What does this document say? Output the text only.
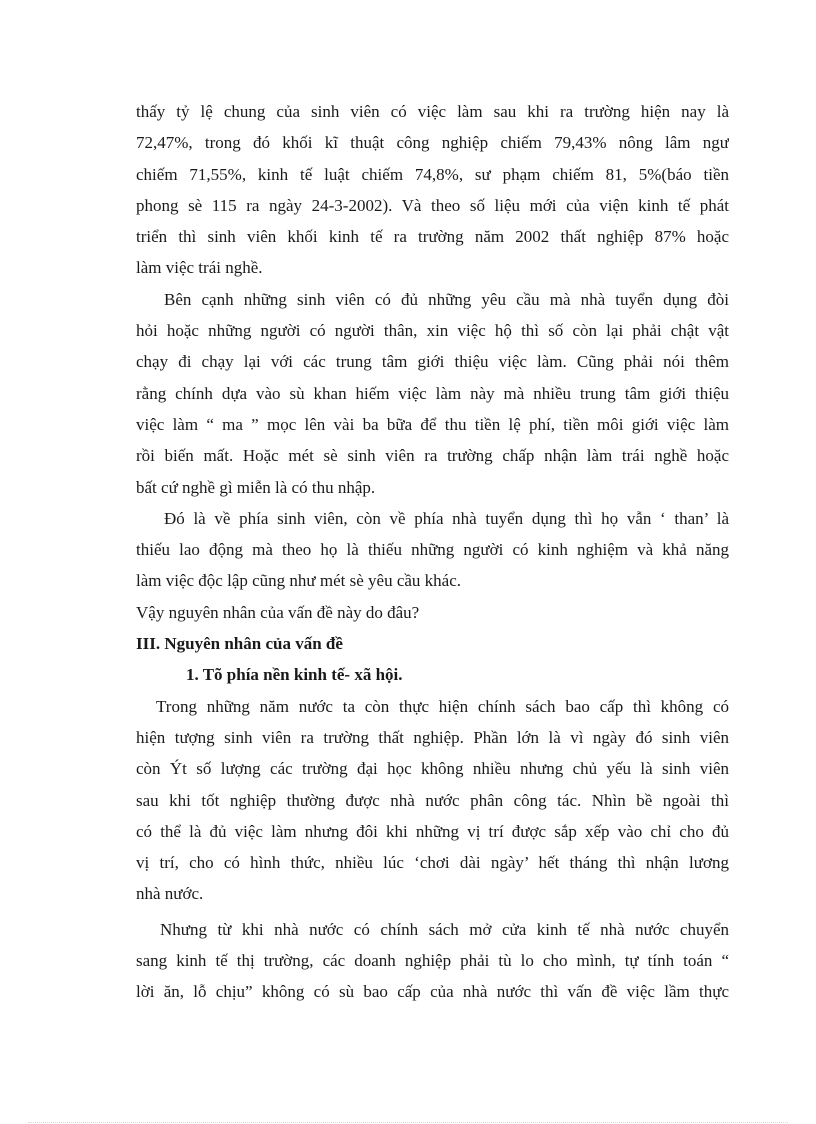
thấy tỷ lệ chung của sinh viên có việc làm sau khi ra trường hiện nay là
72,47%, trong đó khối kĩ thuật công nghiệp chiếm 79,43% nông lâm ngư
chiếm 71,55%, kinh tế luật chiếm 74,8%, sư phạm chiếm 81, 5%(báo tiền
phong sè 115 ra ngày 24-3-2002). Và theo số liệu mới của viện kinh tế phát
triển thì sinh viên khối kinh tế ra trường năm 2002 thất nghiệp 87% hoặc
làm việc trái nghề.

Bên cạnh những sinh viên có đủ những yêu cầu mà nhà tuyển dụng đòi
hỏi hoặc những người có người thân, xin việc hộ thì số còn lại phải chật vật
chạy đi chạy lại với các trung tâm giới thiệu việc làm. Cũng phải nói thêm
rằng chính dựa vào sù khan hiếm việc làm này mà nhiều trung tâm giới thiệu
việc làm “ ma ” mọc lên vài ba bữa để thu tiền lệ phí, tiền môi giới việc làm
rồi biến mất. Hoặc mét sè sinh viên ra trường chấp nhận làm trái nghề hoặc
bất cứ nghề gì miễn là có thu nhập.

Đó là về phía sinh viên, còn về phía nhà tuyển dụng thì họ vẫn ‘ than’ là
thiếu lao động mà theo họ là thiếu những người có kinh nghiệm và khả năng
làm việc độc lập cũng như mét sè yêu cầu khác.

Vậy nguyên nhân của vấn đề này do đâu?

III. Nguyên nhân của vấn đề

1. Tõ phía nền kinh tế- xã hội.

Trong những năm nước ta còn thực hiện chính sách bao cấp thì không có
hiện tượng sinh viên ra trường thất nghiệp. Phần lớn là vì ngày đó sinh viên
còn Ýt số lượng các trường đại học không nhiều nhưng chủ yếu là sinh viên
sau khi tốt nghiệp thường được nhà nước phân công tác. Nhìn bề ngoài thì
có thể là đủ việc làm nhưng đôi khi những vị trí được sắp xếp vào chỉ cho đủ
vị trí, cho có hình thức, nhiều lúc ‘chơi dài ngày’ hết tháng thì nhận lương
nhà nước.

Nhưng từ khi nhà nước có chính sách mở cửa kinh tế nhà nước chuyển
sang kinh tế thị trường, các doanh nghiệp phải tù lo cho mình, tự tính toán “
lời ăn, lỗ chịu” không có sù bao cấp của nhà nước thì vấn đề việc lầm thực
